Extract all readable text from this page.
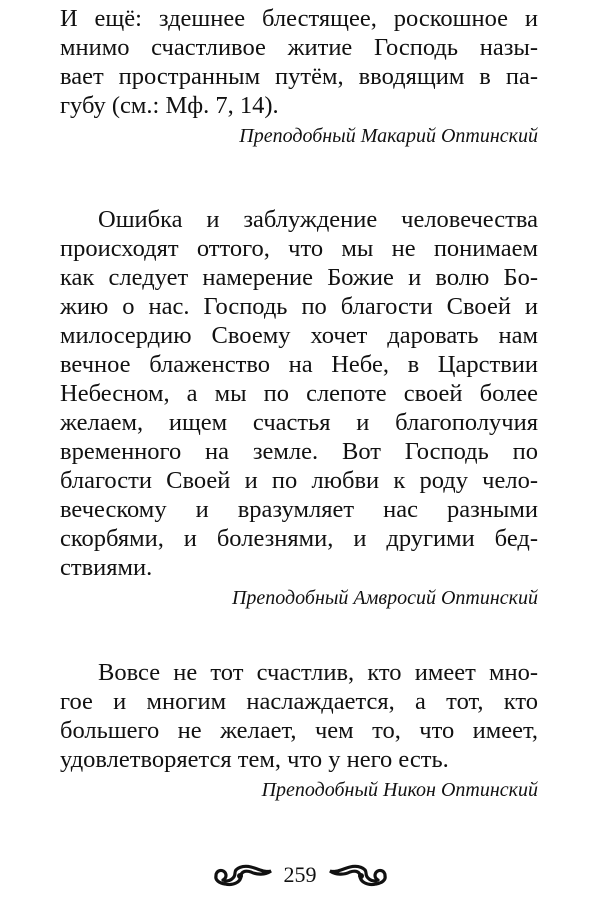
И ещё: здешнее блестящее, роскошное и
мнимо счастливое житие Господь назы-
вает пространным путём, вводящим в па-
губу (см.: Мф. 7, 14).
Преподобный Макарий Оптинский
Ошибка и заблуждение человечества
происходят оттого, что мы не понимаем
как следует намерение Божие и волю Бо-
жию о нас. Господь по благости Своей и
милосердию Своему хочет даровать нам
вечное блаженство на Небе, в Царствии
Небесном, а мы по слепоте своей более
желаем, ищем счастья и благополучия
временного на земле. Вот Господь по
благости Своей и по любви к роду чело-
веческому и вразумляет нас разными
скорбями, и болезнями, и другими бед-
ствиями.
Преподобный Амвросий Оптинский
Вовсе не тот счастлив, кто имеет мно-
гое и многим наслаждается, а тот, кто
большего не желает, чем то, что имеет,
удовлетворяется тем, что у него есть.
Преподобный Никон Оптинский
259
